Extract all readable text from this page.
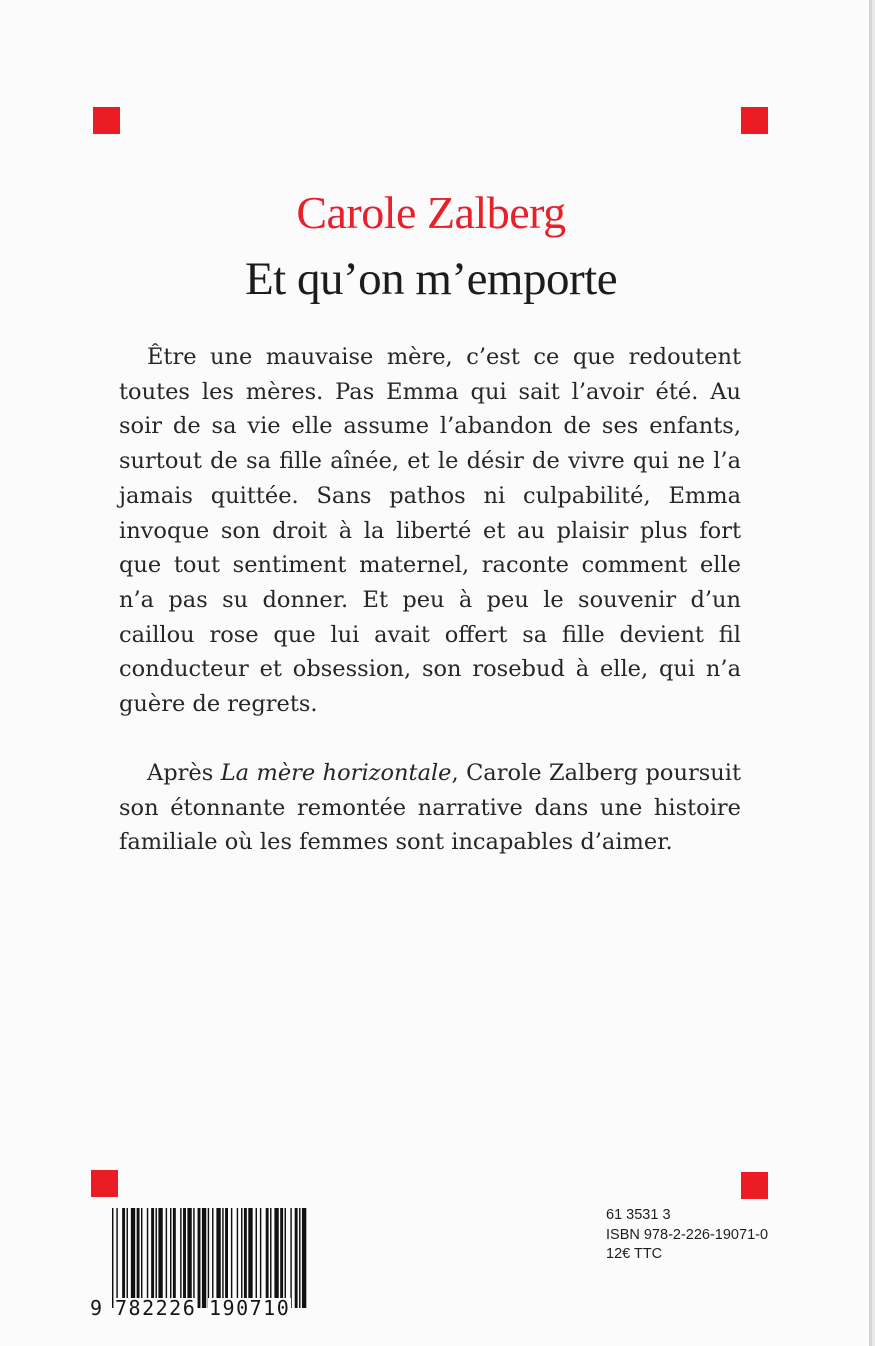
Carole Zalberg
Et qu’on m’emporte

Être une mauvaise mère, c’est ce que redoutent toutes les mères. Pas Emma qui sait l’avoir été. Au soir de sa vie elle assume l’abandon de ses enfants, surtout de sa fille aînée, et le désir de vivre qui ne l’a jamais quittée. Sans pathos ni culpabilité, Emma invoque son droit à la liberté et au plaisir plus fort que tout sentiment maternel, raconte comment elle n’a pas su donner. Et peu à peu le souvenir d’un caillou rose que lui avait offert sa fille devient fil conducteur et obsession, son rosebud à elle, qui n’a guère de regrets.

Après La mère horizontale, Carole Zalberg poursuit son étonnante remontée narrative dans une histoire familiale où les femmes sont incapables d’aimer.

9 782226 190710
61 3531 3
ISBN 978-2-226-19071-0
12€ TTC
